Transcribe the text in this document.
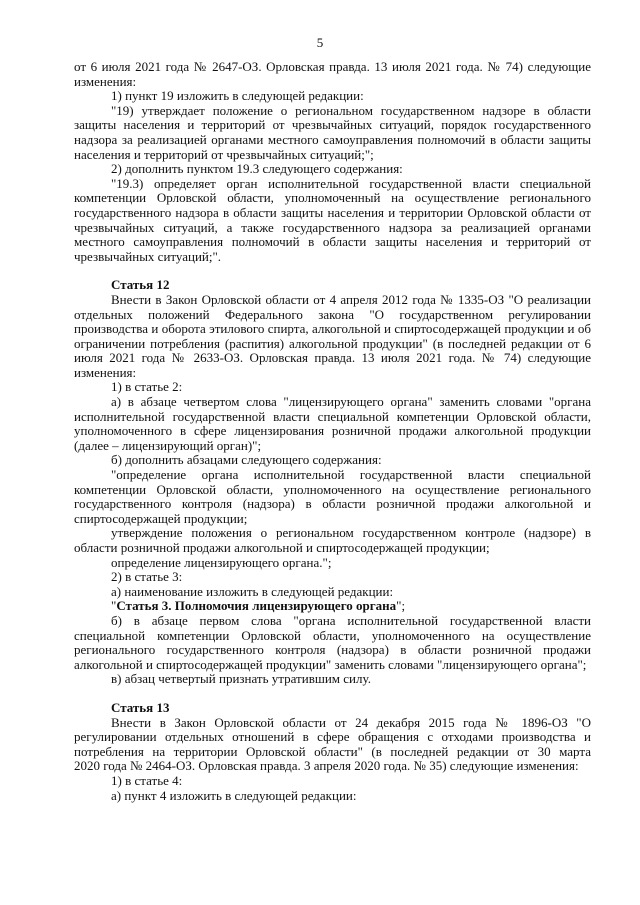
5

от 6 июля 2021 года № 2647-ОЗ. Орловская правда. 13 июля 2021 года. № 74) следующие

изменения:

1) пункт 19 изложить в следующей редакции:

"19) утверждает положение о региональном государственном надзоре в области защиты населения и территорий от чрезвычайных ситуаций, порядок государственного надзора за реализацией органами местного самоуправления полномочий в области защиты

населения и территорий от чрезвычайных ситуаций;";

2) дополнить пунктом 19.3 следующего содержания:

"19.3) определяет орган исполнительной государственной власти специальной компетенции Орловской области, уполномоченный на осуществление регионального государственного надзора в области защиты населения и территории Орловской области от чрезвычайных ситуаций, а также государственного надзора за реализацией органами местного самоуправления полномочий в области защиты населения и территорий от

чрезвычайных ситуаций;".

Статья 12

Внести в Закон Орловской области от 4 апреля 2012 года № 1335-ОЗ "О реализации отдельных положений Федерального закона "О государственном регулировании производства и оборота этилового спирта, алкогольной и спиртосодержащей продукции и об ограничении потребления (распития) алкогольной продукции" (в последней редакции от 6 июля 2021 года № 2633-ОЗ. Орловская правда. 13 июля 2021 года. № 74) следующие

изменения:

1) в статье 2:

а) в абзаце четвертом слова "лицензирующего органа" заменить словами "органа исполнительной государственной власти специальной компетенции Орловской области, уполномоченного в сфере лицензирования розничной продажи алкогольной продукции

(далее – лицензирующий орган)";

б) дополнить абзацами следующего содержания:

"определение органа исполнительной государственной власти специальной компетенции Орловской области, уполномоченного на осуществление регионального государственного контроля (надзора) в области розничной продажи алкогольной и

спиртосодержащей продукции;

утверждение положения о региональном государственном контроле (надзоре) в

области розничной продажи алкогольной и спиртосодержащей продукции;

определение лицензирующего органа.";

2) в статье 3:

а) наименование изложить в следующей редакции:

"Статья 3. Полномочия лицензирующего органа";

б) в абзаце первом слова "органа исполнительной государственной власти специальной компетенции Орловской области, уполномоченного на осуществление регионального государственного контроля (надзора) в области розничной продажи алкогольной и спиртосодержащей продукции" заменить словами "лицензирующего органа";

в) абзац четвертый признать утратившим силу.

Статья 13

Внести в Закон Орловской области от 24 декабря 2015 года № 1896-ОЗ "О регулировании отдельных отношений в сфере обращения с отходами производства и потребления на территории Орловской области" (в последней редакции от 30 марта

2020 года № 2464-ОЗ. Орловская правда. 3 апреля 2020 года. № 35) следующие изменения:

1) в статье 4:

а) пункт 4 изложить в следующей редакции:
